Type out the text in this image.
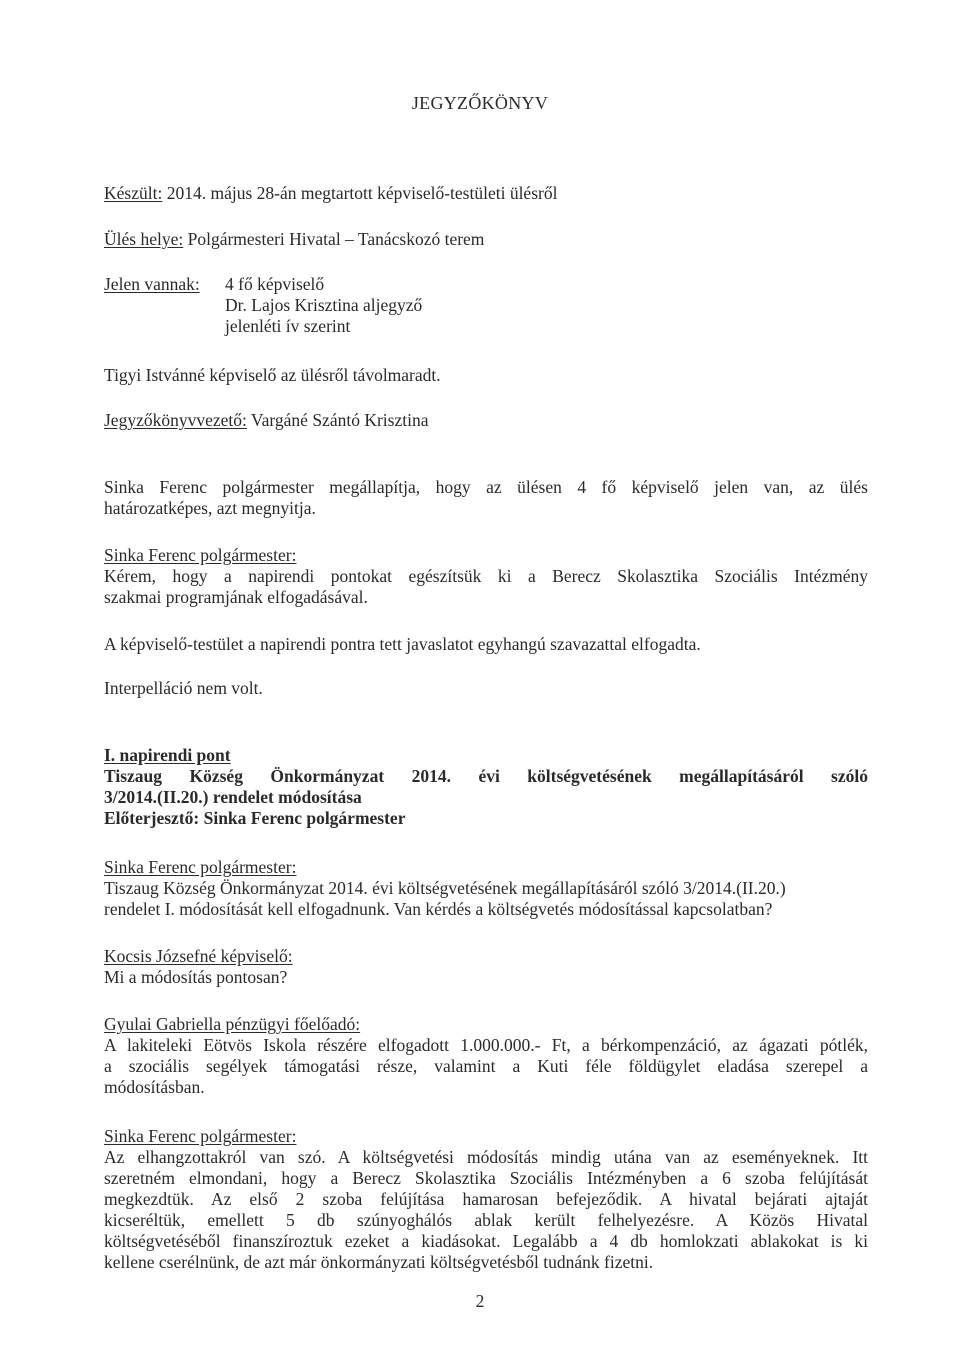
JEGYZŐKÖNYV
Készült: 2014. május 28-án megtartott képviselő-testületi ülésről
Ülés helye: Polgármesteri Hivatal – Tanácskozó terem
Jelen vannak:	4 fő képviselő

Dr. Lajos Krisztina aljegyző

jelenléti ív szerint

Tigyi Istvánné képviselő az ülésről távolmaradt.
Jegyzőkönyvvezető: Vargáné Szántó Krisztina

Sinka Ferenc polgármester megállapítja, hogy az ülésen 4 fő képviselő jelen van, az ülés

határozatképes, azt megnyitja.

Sinka Ferenc polgármester:

Kérem, hogy a napirendi pontokat egészítsük ki a Berecz Skolasztika Szociális Intézmény

szakmai programjának elfogadásával.

A képviselő-testület a napirendi pontra tett javaslatot egyhangú szavazattal elfogadta.
Interpelláció nem volt.

I. napirendi pont

Tiszaug Község Önkormányzat 2014. évi költségvetésének megállapításáról szóló

3/2014.(II.20.) rendelet módosítása

Előterjesztő: Sinka Ferenc polgármester

Sinka Ferenc polgármester:

Tiszaug Község Önkormányzat 2014. évi költségvetésének megállapításáról szóló 3/2014.(II.20.)

rendelet I. módosítását kell elfogadnunk. Van kérdés a költségvetés módosítással kapcsolatban?

Kocsis Józsefné képviselő:

Mi a módosítás pontosan?

Gyulai Gabriella pénzügyi főelőadó:

A lakiteleki Eötvös Iskola részére elfogadott 1.000.000.- Ft, a bérkompenzáció, az ágazati pótlék,

a szociális segélyek támogatási része, valamint a Kuti féle földügylet eladása szerepel a

módosításban.

Sinka Ferenc polgármester:

Az elhangzottakról van szó. A költségvetési módosítás mindig utána van az eseményeknek. Itt

szeretném elmondani, hogy a Berecz Skolasztika Szociális Intézményben a 6 szoba felújítását

megkezdtük. Az első 2 szoba felújítása hamarosan befejeződik. A hivatal bejárati ajtaját

kicseréltük, emellett 5 db szúnyoghálós ablak került felhelyezésre. A Közös Hivatal

költségvetéséből finanszíroztuk ezeket a kiadásokat. Legalább a 4 db homlokzati ablakokat is ki

kellene cserélnünk, de azt már önkormányzati költségvetésből tudnánk fizetni.

2
